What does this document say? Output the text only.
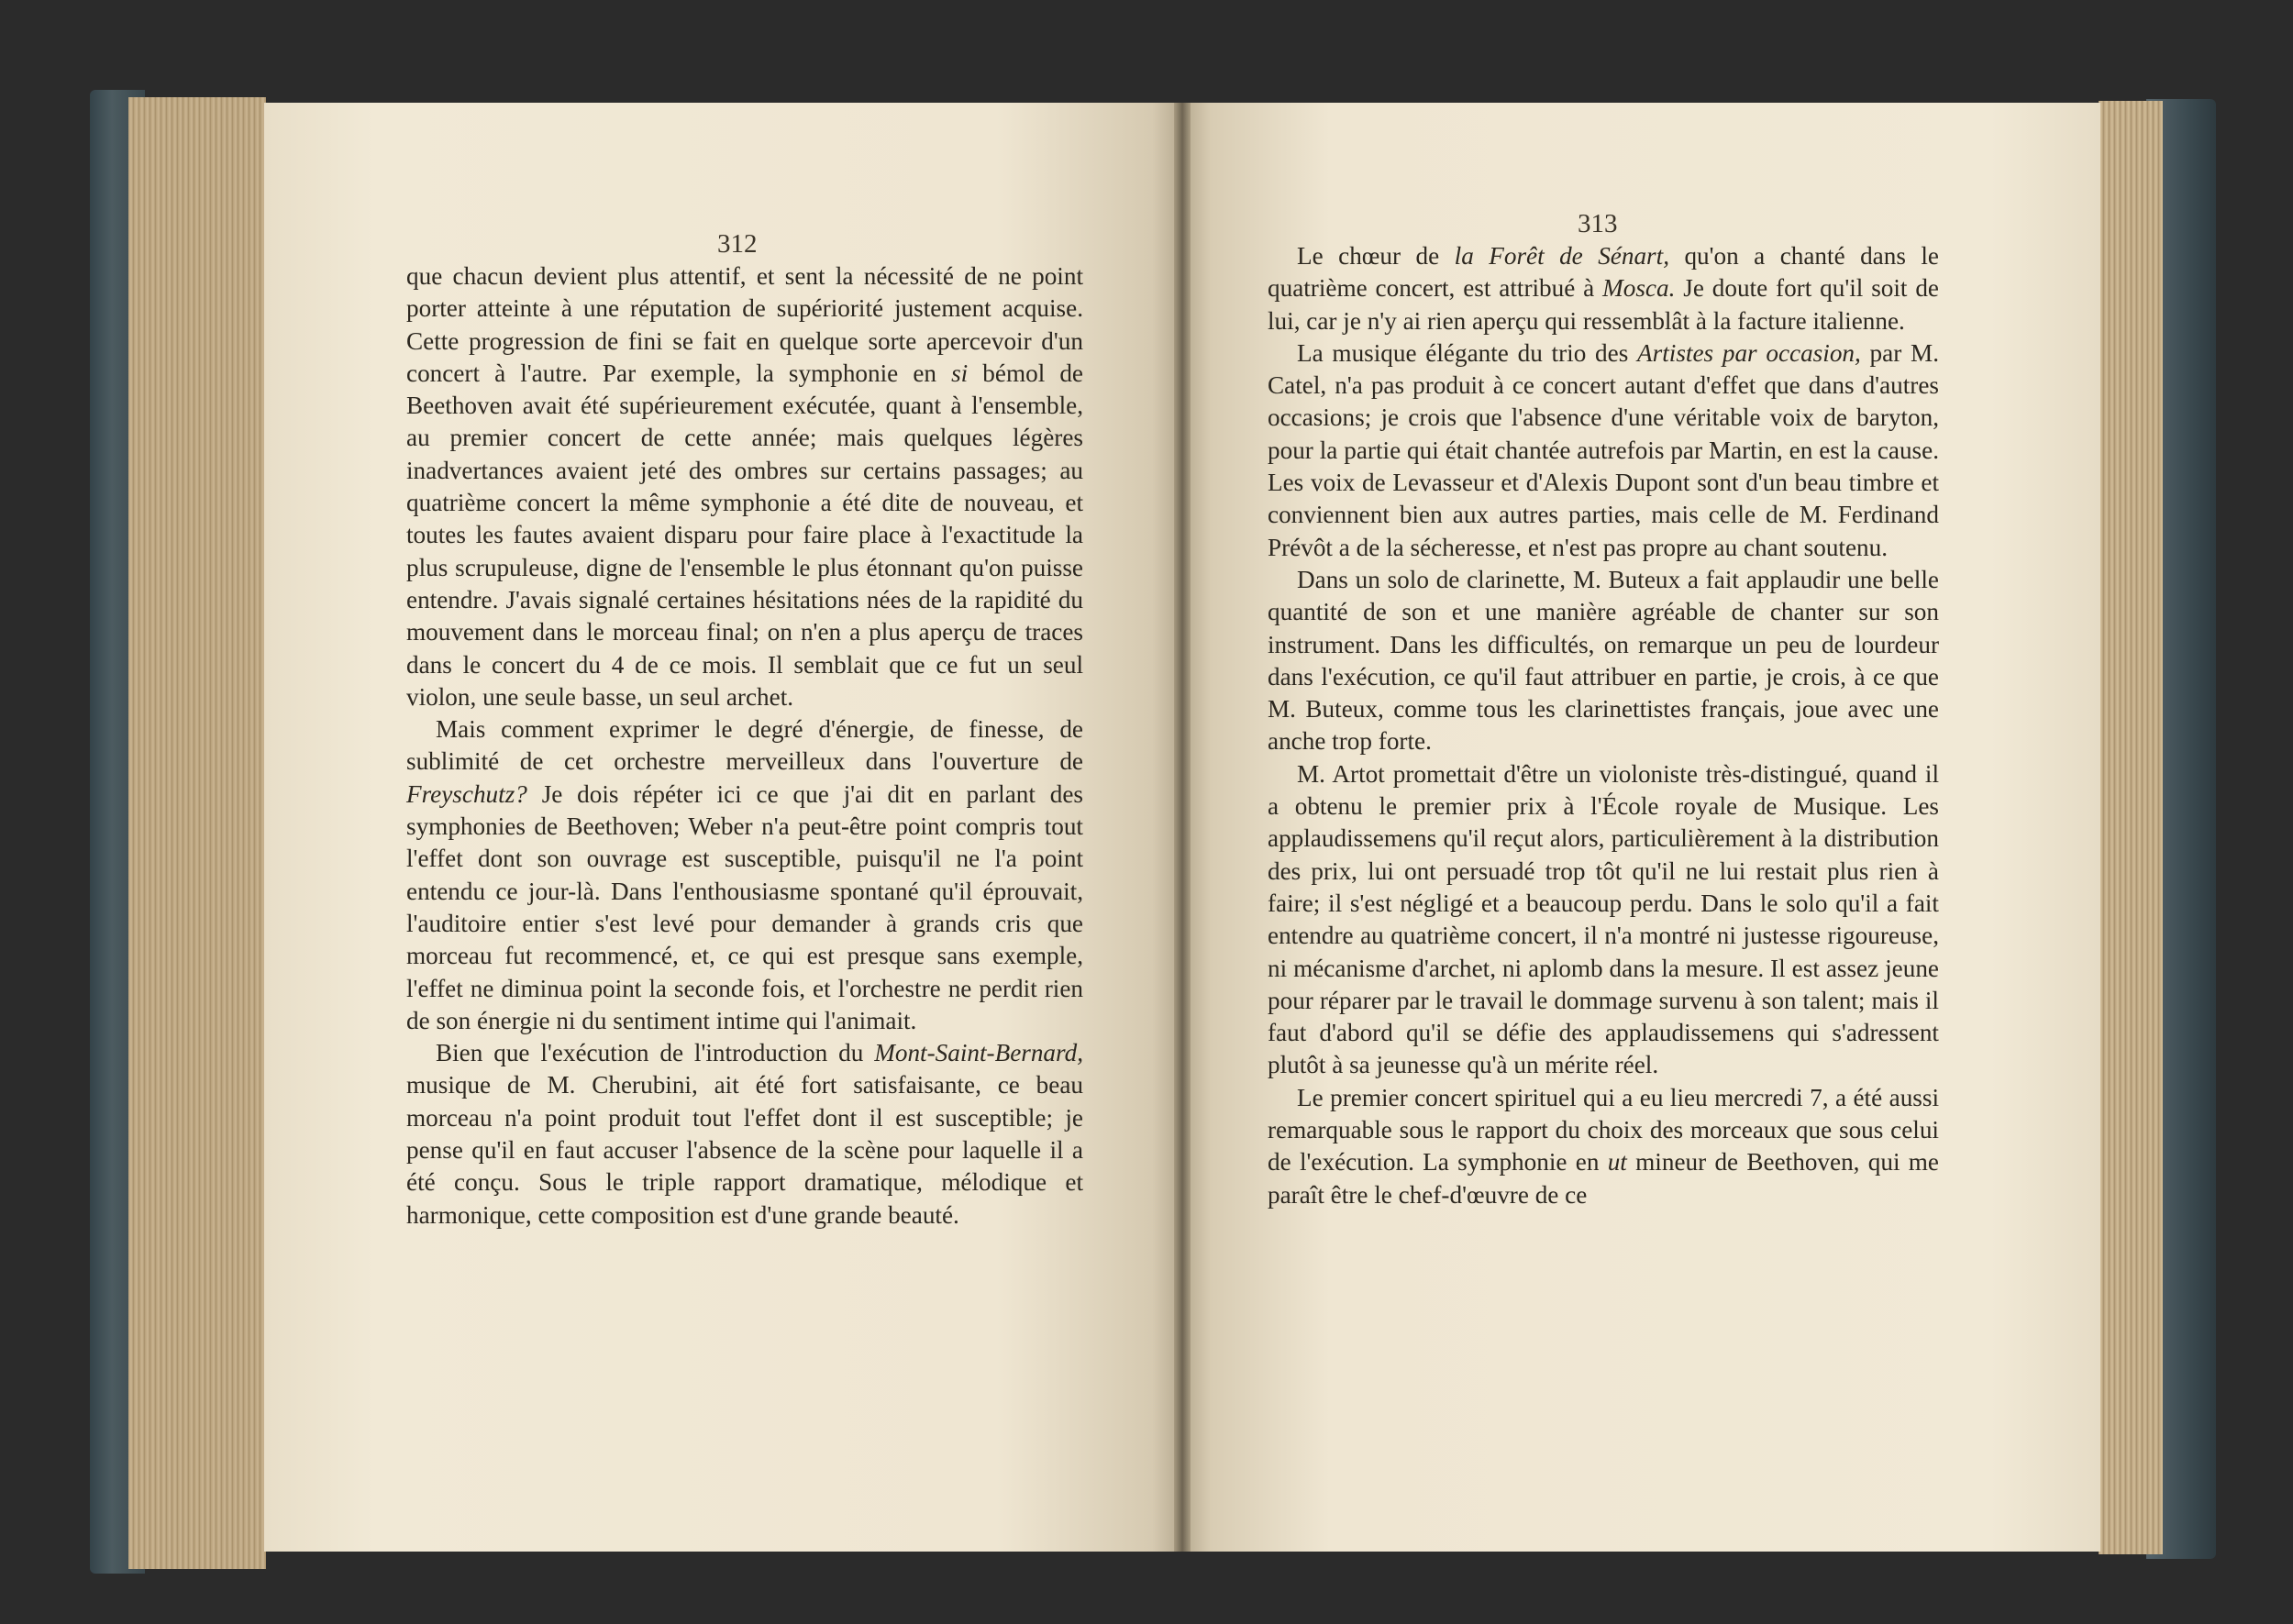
312
313

que chacun devient plus attentif, et sent la nécessité de ne point porter atteinte à une réputation de supériorité justement acquise. Cette progression de fini se fait en quelque sorte apercevoir d'un concert à l'autre. Par exemple, la symphonie en si bémol de Beethoven avait été supérieurement exécutée, quant à l'ensemble, au premier concert de cette année; mais quelques légères inadvertances avaient jeté des ombres sur certains passages; au quatrième concert la même symphonie a été dite de nouveau, et toutes les fautes avaient disparu pour faire place à l'exactitude la plus scrupuleuse, digne de l'ensemble le plus étonnant qu'on puisse entendre. J'avais signalé certaines hésitations nées de la rapidité du mouvement dans le morceau final; on n'en a plus aperçu de traces dans le concert du 4 de ce mois. Il semblait que ce fut un seul violon, une seule basse, un seul archet.

Mais comment exprimer le degré d'énergie, de finesse, de sublimité de cet orchestre merveilleux dans l'ouverture de Freyschutz? Je dois répéter ici ce que j'ai dit en parlant des symphonies de Beethoven; Weber n'a peut-être point compris tout l'effet dont son ouvrage est susceptible, puisqu'il ne l'a point entendu ce jour-là. Dans l'enthousiasme spontané qu'il éprouvait, l'auditoire entier s'est levé pour demander à grands cris que morceau fut recommencé, et, ce qui est presque sans exemple, l'effet ne diminua point la seconde fois, et l'orchestre ne perdit rien de son énergie ni du sentiment intime qui l'animait.

Bien que l'exécution de l'introduction du Mont-Saint-Bernard, musique de M. Cherubini, ait été fort satisfaisante, ce beau morceau n'a point produit tout l'effet dont il est susceptible; je pense qu'il en faut accuser l'absence de la scène pour laquelle il a été conçu. Sous le triple rapport dramatique, mélodique et harmonique, cette composition est d'une grande beauté.

Le chœur de la Forêt de Sénart, qu'on a chanté dans le quatrième concert, est attribué à Mosca. Je doute fort qu'il soit de lui, car je n'y ai rien aperçu qui ressemblât à la facture italienne.

La musique élégante du trio des Artistes par occasion, par M. Catel, n'a pas produit à ce concert autant d'effet que dans d'autres occasions; je crois que l'absence d'une véritable voix de baryton, pour la partie qui était chantée autrefois par Martin, en est la cause. Les voix de Levasseur et d'Alexis Dupont sont d'un beau timbre et conviennent bien aux autres parties, mais celle de M. Ferdinand Prévôt a de la sécheresse, et n'est pas propre au chant soutenu.

Dans un solo de clarinette, M. Buteux a fait applaudir une belle quantité de son et une manière agréable de chanter sur son instrument. Dans les difficultés, on remarque un peu de lourdeur dans l'exécution, ce qu'il faut attribuer en partie, je crois, à ce que M. Buteux, comme tous les clarinettistes français, joue avec une anche trop forte.

M. Artot promettait d'être un violoniste très-distingué, quand il a obtenu le premier prix à l'École royale de Musique. Les applaudissemens qu'il reçut alors, particulièrement à la distribution des prix, lui ont persuadé trop tôt qu'il ne lui restait plus rien à faire; il s'est négligé et a beaucoup perdu. Dans le solo qu'il a fait entendre au quatrième concert, il n'a montré ni justesse rigoureuse, ni mécanisme d'archet, ni aplomb dans la mesure. Il est assez jeune pour réparer par le travail le dommage survenu à son talent; mais il faut d'abord qu'il se défie des applaudissemens qui s'adressent plutôt à sa jeunesse qu'à un mérite réel.

Le premier concert spirituel qui a eu lieu mercredi 7, a été aussi remarquable sous le rapport du choix des morceaux que sous celui de l'exécution. La symphonie en ut mineur de Beethoven, qui me paraît être le chef-d'œuvre de ce
